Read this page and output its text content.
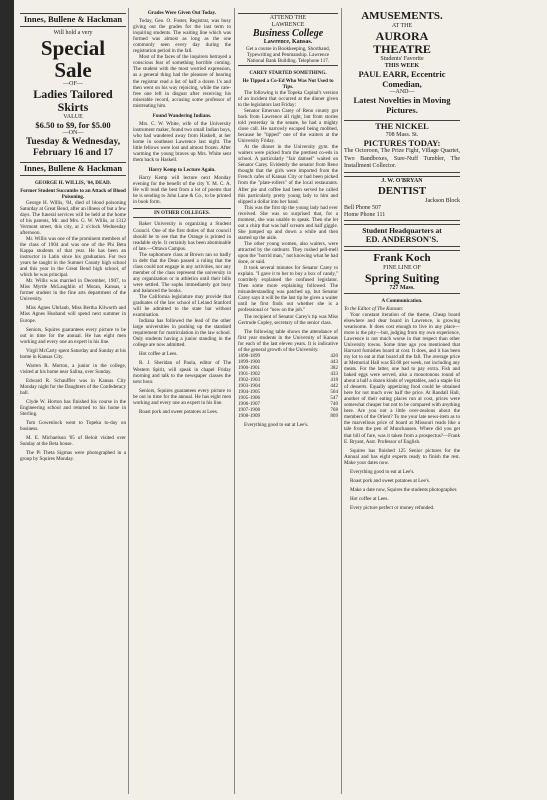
Innes, Bullene & Hackman
Will hold a very
Special
Sale
—OF—
Ladies Tailored
Skirts
VALUE
$6.50 to $9, for $5.00
—ON—
Tuesday & Wednesday, February 16 and 17
Innes, Bullene & Hackman
GEORGE H. WILLIS, '04, DEAD.
Former Student Succumbs to an Attack of Blood Poisoning.

George H. Willis, '04, died of blood poisoning Saturday at Great Bend, after an illness of but a few days. The funeral services will be held at the home of his parents, Mr. and Mrs. G. W. Willis, at 1312 Vermont street, this city, at 2 o'clock Wednesday afternoon.

Mr. Willis was one of the prominent members of the class of 1904 and was one of the Phi Beta Kappa students of that year. He has been an instructor in Latin since his graduation. For two years he taught in the Sumner County high school and this year in the Great Bend high school, of which he was principal.

Mr. Willis was married in December, 1907, to Miss Myrtle McLaughlin of Moran, Kansas, a former student in the fine arts department of the University.

Miss Agnes Uhrlaub, Miss Bertha Kilworth and Miss Agnes Husband will spend next summer in Europe.

Seniors, Squires guarantees every picture to be out in time for the annual. He has eight men working and every one an expert in his line.

Virgil McCarty spent Saturday and Sunday at his home in Kansas City.

Warren R. Morton, a junior in the college, visited at his home near Salina, over Sunday.

Edward R. Schauffler was in Kansas City Monday night for the Daughters of the Confederacy ball.

Clyde W. Horton has finished his course in the Engineering school and returned to his home in Sterling.

Tom Gowenlock went to Topeka to-day on business.

M. E. Michaelson '05 of Beloit visited over Sunday at the Beta house.

The Pi Theta Sigmas were photographed in a group by Squires Monday.

Grades Were Given Out Today.

Today, Geo. O. Foster, Registrar, was busy giving out the grades for the last term to inquiring students. The waiting line which was formed was almost as long as the one commonly seen every day during the registration period in the fall.

Most of the faces of the inquirers betrayed a conscious fear of something horrible coming. The student with the most worried expression, as a general thing had the pleasure of hearing the registrar read a list of half a dozen 1's and then went on his way rejoicing, while the care-free one left in disgust after receiving his miserable record, accusing some professor of mistreating him.

Found Wandering Indians.

Mrs. C. W. White, wife of the University instrument maker, found two small Indian boys, who had wandered away from Haskell, at her home in southeast Lawrence last night. The little fellows were lost and almost frozen. After warming the young braves up Mrs. White sent them back to Haskell.

Harry Kemp to Lecture Again.

Harry Kemp will lecture next Monday evening for the benefit of the city Y. M. C. A. He will read the best from a lot of poems that he is sending to John Lane & Co., to be printed in book form.

IN OTHER COLLEGES.

Baker University is organizing a Student Council. One of the first duties of that council should be to see that the Orange is printed in readable style. It certainly has been abominable of late.—Ottawa Campus.

The sophomore class at Brown ran so badly in debt that the Dean passed a ruling that the class could not engage in any activities, nor any member of the class represent the university in any organization or in athletics until their bills were settled. The sophs immediately got busy and balanced the books.

The California legislature may provide that graduates of the law school of Leland Stanford will be admitted to the state bar without examination.

Indiana has followed the lead of the other large universities in pushing up the standard requirement for matriculation in the law school. Only students having a junior standing in the college are now admitted.

Hot coffee at Lees.

R. J. Sheridan of Paola, editor of The Western Spirit, will speak in chapel Friday morning and talk to the newspaper classes the next hour.

Seniors, Squires guarantees every picture to be out in time for the annual. He has eight men working and every one an expert in his line.

Roast pork and sweet potatoes at Lees.

ATTEND THE
LAWRENCE
Business College
Lawrence, Kansas.

Get a course in Bookkeeping, Shorthand, Typewriting and Penmanship. Lawrence National Bank Building. Telephone 117.

CAREY STARTED SOMETHING.
He Tipped a Co-Ed Who Was Not Used to Tips.

The following is the Topeka Capital's version of an incident that occurred at the dinner given to the legislators last Friday:

Senator Emerson Carey of Reno county got back from Lawrence all right, but from stories told yesterday in the senate, he had a mighty close call. He narrowly escaped being mobbed, because he "tipped" one of the waiters at the University Friday.

At the dinner in the University gym. the waiters were picked from the prettiest co-eds in school. A particularly "fair damsel" waited on Senator Carey. Evidently the senator from Reno thought that the girls were imported from the French cafes of Kansas City or had been picked from the "plate-rollers" of the local restaurants. After pie and coffee had been served he called this particularly pretty young lady to him and slipped a dollar into her hand.

This was the first tip the young lady had ever received. She was so surprised that, for a moment, she was unable to speak. Then she let out a chirp that was half scream and half giggle. She jumped up and down a while and then started up the aisle.

The other young women, also waiters, were attracted by the outburst. They rushed pell-mell upon the "horrid man," not knowing what he had done, or said.

It took several minutes for Senator Carey to explain. "I gave it to her to buy a box of candy," contritely explained the confused legislator. Then some more explaining followed. The misunderstanding was patched up, but Senator Carey says it will be the last tip he gives a waiter until he first finds out whether she is a professional or "new on the job."

The recipient of Senator Carey's tip was Miss Gertrude Copley, secretary of the senior class.

The following table shows the attendance of first year students in the University of Kansas for each of the last eleven years. It is indicative of the general growth of the University.

1898-1899	420
1899-1900	443
1900-1901	382
1901-1902	433
1902-1903	418
1903-1904	442
1904-1905	504
1905-1906	547
1906-1907	740
1907-1908	768
1908-1909	809

Everything good to eat at Lee's.

AMUSEMENTS.
AT THE
AURORA
THEATRE
Students' Favorite
THIS WEEK
PAUL EARR, Eccentric
Comedian,
—AND—
Latest Novelties in Moving Pictures.
THE NICKEL
708 Mass. St.
PICTURES TODAY:

The Octoroon, The Prize Fight, Village Quartet, Two Bandboxes, Sure-Nuff Tumbler, The Installment Collector.

J. W. O'BRYAN
DENTIST
Jackson Block
Bell Phone 507
Home Phone 111
Student Headquarters at
ED. ANDERSON'S.
Frank Koch
FINE LINE OF
Spring Suiting
727 Mass.
A Communication.

To the Editor of The Kansan:

Your constant iteration of the theme, Cheap board elsewhere and dear board in Lawrence, is growing wearisome. It does cost enough to live in any place—more is the pity—but, judging from my own experience, Lawrence is not much worse in that respect than other University towns. Some time ago you mentioned that Harvard furnishes board at cost. It does, and it has been my lot to eat at that board all the fall. The average price at Memorial Hall was $3.68 per week, not including any meats. For the latter, one had to pay extra. Fish and baked eggs were served, also a monotonous round of about a half a dozen kinds of vegetables, and a staple list of desserts. Equally appetizing food could be obtained here for not much over half the price. At Randall Hall, another of their eating places run at cost, prices were somewhat cheaper but not to be compared with anything here. Are you not a little over-zealous about the members of the Orient? To me your late news-item as to the marvellous price of board at Missouri reads like a tale from the pen of Munchausen. Where did you get that bill of fare, was it taken from a prospectus?—Frank E. Bryant, Asst. Professor of English.

Squires has finished 125 Senior pictures for the Annual and has eight experts ready to finish the rest. Make your dates now.

Everything good to eat at Lee's.

Roast pork and sweet potatoes at Lee's.

Make a date now, Squires the students photographer.

Hot coffee at Lees.

Every picture perfect or money refunded.
